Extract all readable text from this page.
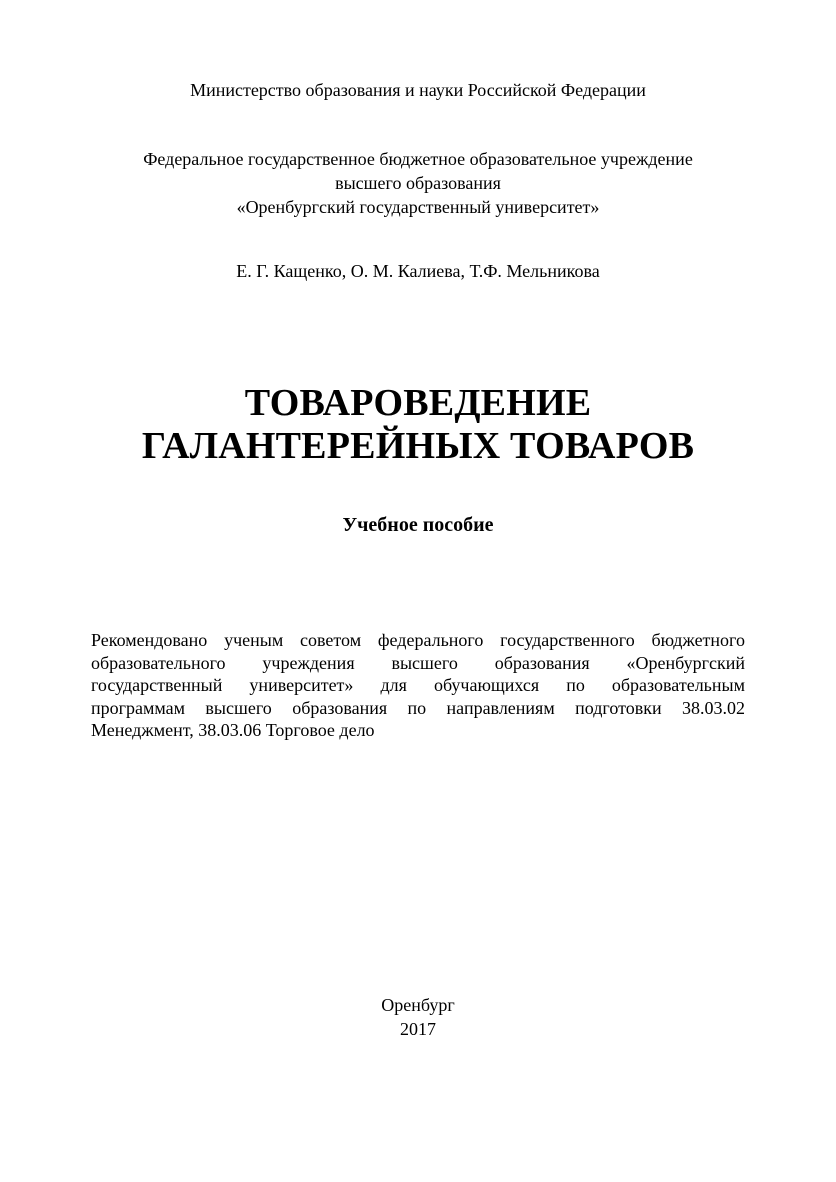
Министерство образования и науки Российской Федерации
Федеральное государственное бюджетное образовательное учреждение
высшего образования
«Оренбургский государственный университет»
Е. Г. Кащенко, О. М. Калиева, Т.Ф. Мельникова
ТОВАРОВЕДЕНИЕ
ГАЛАНТЕРЕЙНЫХ ТОВАРОВ
Учебное пособие
Рекомендовано ученым советом федерального государственного бюджетного
образовательного учреждения высшего образования «Оренбургский
государственный университет» для обучающихся по образовательным
программам высшего образования по направлениям подготовки 38.03.02
Менеджмент, 38.03.06 Торговое дело
Оренбург
2017
